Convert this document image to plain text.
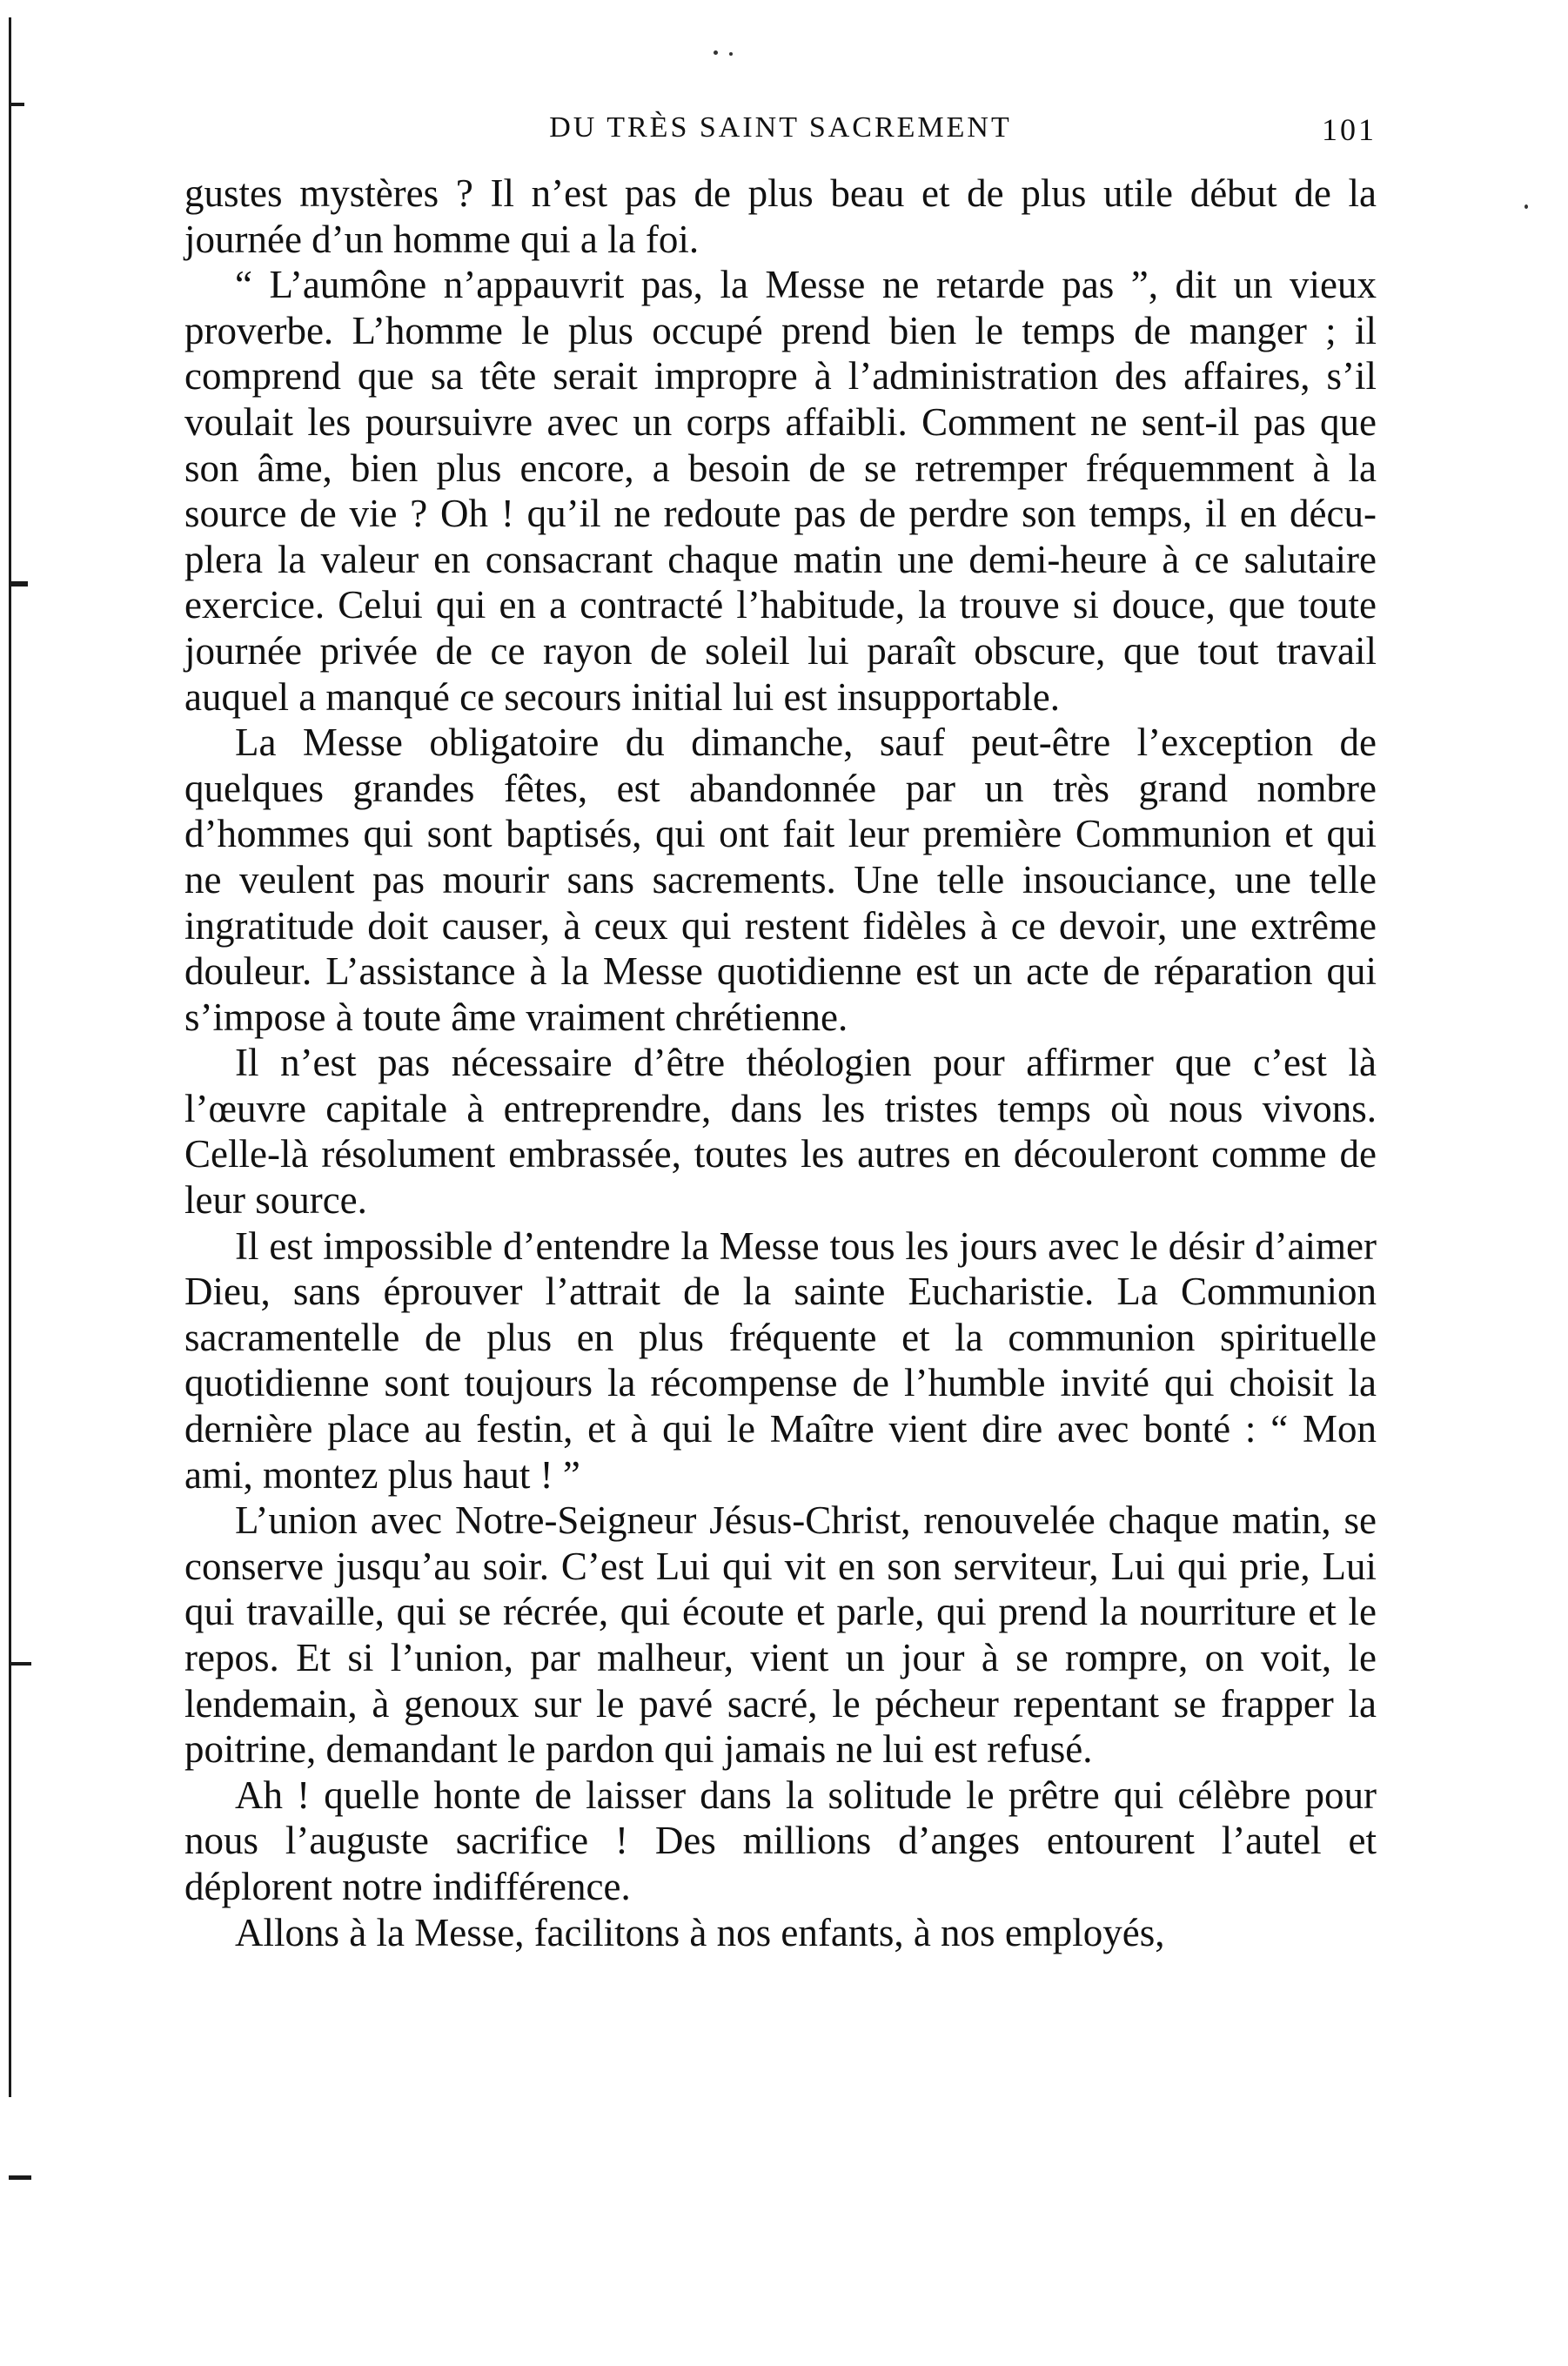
DU TRÈS SAINT SACREMENT	101

gustes mystères ? Il n’est pas de plus beau et de plus utile début de la journée d’un homme qui a la foi.

“ L’aumône n’appauvrit pas, la Messe ne retarde pas ”, dit un vieux proverbe. L’homme le plus occupé prend bien le temps de manger ; il comprend que sa tête serait impropre à l’administration des affaires, s’il voulait les poursuivre avec un corps affaibli. Comment ne sent-il pas que son âme, bien plus encore, a besoin de se retremper fréquemment à la source de vie ? Oh ! qu’il ne redoute pas de perdre son temps, il en décuplera la valeur en consacrant chaque matin une demi-heure à ce salutaire exercice. Celui qui en a contracté l’habitude, la trouve si douce, que toute journée privée de ce rayon de soleil lui paraît obscure, que tout travail auquel a manqué ce secours initial lui est insupportable.

La Messe obligatoire du dimanche, sauf peut-être l’exception de quelques grandes fêtes, est abandonnée par un très grand nombre d’hommes qui sont baptisés, qui ont fait leur première Communion et qui ne veulent pas mourir sans sacrements. Une telle insouciance, une telle ingratitude doit causer, à ceux qui restent fidèles à ce devoir, une extrême douleur. L’assistance à la Messe quotidienne est un acte de réparation qui s’impose à toute âme vraiment chrétienne.

Il n’est pas nécessaire d’être théologien pour affirmer que c’est là l’œuvre capitale à entreprendre, dans les tristes temps où nous vivons. Celle-là résolument embrassée, toutes les autres en découleront comme de leur source.

Il est impossible d’entendre la Messe tous les jours avec le désir d’aimer Dieu, sans éprouver l’attrait de la sainte Eucharistie. La Communion sacramentelle de plus en plus fréquente et la communion spirituelle quotidienne sont toujours la récompense de l’humble invité qui choisit la dernière place au festin, et à qui le Maître vient dire avec bonté : “ Mon ami, montez plus haut ! ”

L’union avec Notre-Seigneur Jésus-Christ, renouvelée chaque matin, se conserve jusqu’au soir. C’est Lui qui vit en son serviteur, Lui qui prie, Lui qui travaille, qui se récrée, qui écoute et parle, qui prend la nourriture et le repos. Et si l’union, par malheur, vient un jour à se rompre, on voit, le lendemain, à genoux sur le pavé sacré, le pécheur repentant se frapper la poitrine, demandant le pardon qui jamais ne lui est refusé.

Ah ! quelle honte de laisser dans la solitude le prêtre qui célèbre pour nous l’auguste sacrifice ! Des millions d’anges entourent l’autel et déplorent notre indifférence.

Allons à la Messe, facilitons à nos enfants, à nos employés,
